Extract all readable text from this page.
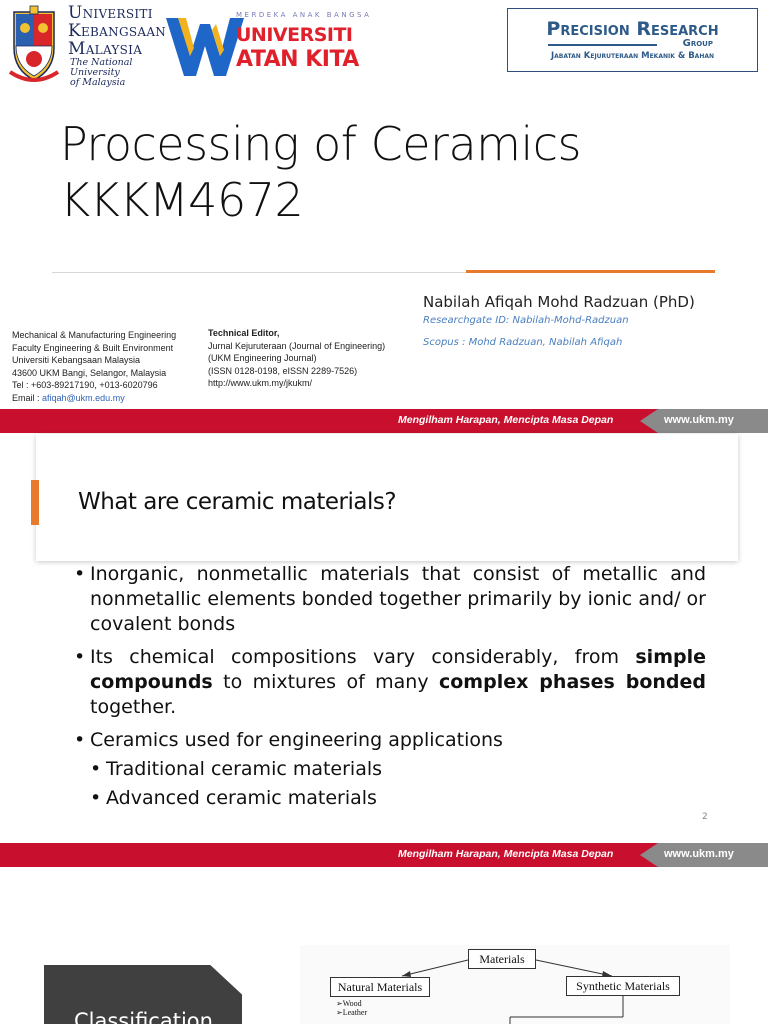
Universiti
Kebangsaan
Malaysia
The National University
of Malaysia
MERDEKA ANAK BANGSA
UNIVERSITI
ATAN KITA
Precision Research
Group
Jabatan Kejuruteraan Mekanik & Bahan
Processing of Ceramics
KKKM4672
Nabilah Afiqah Mohd Radzuan (PhD)
Researchgate ID: Nabilah-Mohd-Radzuan
Scopus : Mohd Radzuan, Nabilah Afiqah
Mechanical & Manufacturing Engineering
Faculty Engineering & Built Environment
Universiti Kebangsaan Malaysia
43600 UKM Bangi, Selangor, Malaysia
Tel : +603-89217190, +013-6020796
Email : afiqah@ukm.edu.my
Technical Editor,
Jurnal Kejuruteraan (Journal of Engineering)
(UKM Engineering Journal)
(ISSN 0128-0198, eISSN 2289-7526)
http://www.ukm.my/jkukm/
Mengilham Harapan, Mencipta Masa Depan	www.ukm.my
What are ceramic materials?
• Inorganic, nonmetallic materials that consist of metallic and nonmetallic elements bonded together primarily by ionic and/ or covalent bonds
• Its chemical compositions vary considerably, from simple compounds to mixtures of many complex phases bonded together.
• Ceramics used for engineering applications
• Traditional ceramic materials
• Advanced ceramic materials
2
Mengilham Harapan, Mencipta Masa Depan	www.ukm.my
Classification
Materials
Natural Materials	Synthetic Materials
➢Wood
➢Leather
